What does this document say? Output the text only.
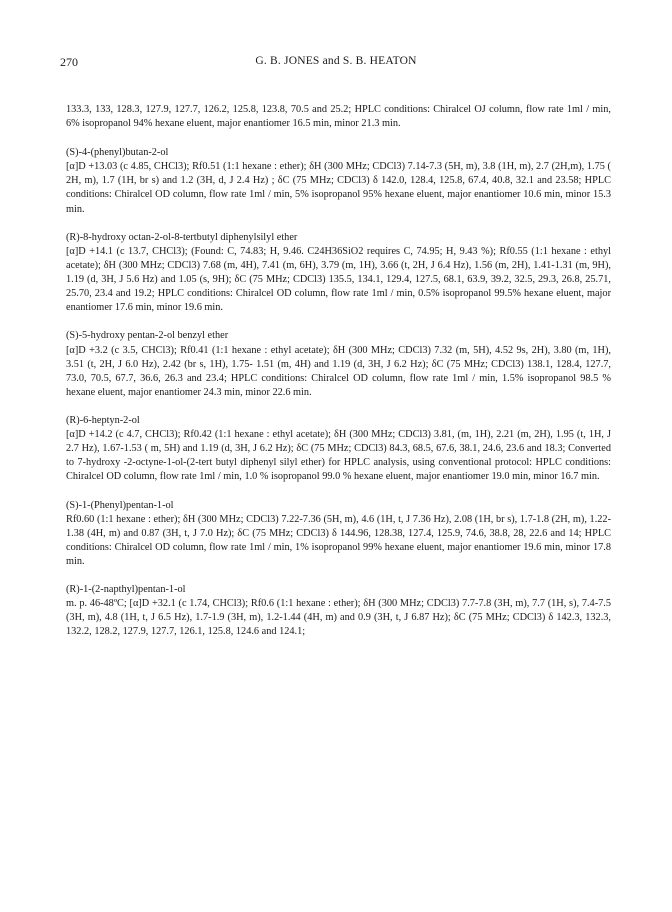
270	G. B. JONES and S. B. HEATON
133.3, 133, 128.3, 127.9, 127.7, 126.2, 125.8, 123.8, 70.5 and 25.2; HPLC conditions: Chiralcel OJ column, flow rate 1ml / min, 6% isopropanol 94% hexane eluent, major enantiomer 16.5 min, minor 21.3 min.
(S)-4-(phenyl)butan-2-ol
[α]D +13.03 (c 4.85, CHCl3); Rf0.51 (1:1 hexane : ether); δH (300 MHz; CDCl3) 7.14-7.3 (5H, m), 3.8 (1H, m), 2.7 (2H,m), 1.75 ( 2H, m), 1.7 (1H, br s) and 1.2 (3H, d, J 2.4 Hz) ; δC (75 MHz; CDCl3) δ 142.0, 128.4, 125.8, 67.4, 40.8, 32.1 and 23.58; HPLC conditions: Chiralcel OD column, flow rate 1ml / min, 5% isopropanol 95% hexane eluent, major enantiomer 10.6 min, minor 15.3 min.
(R)-8-hydroxy octan-2-ol-8-tertbutyl diphenylsilyl ether
[α]D +14.1 (c 13.7, CHCl3); (Found: C, 74.83; H, 9.46. C24H36SiO2 requires C, 74.95; H, 9.43 %); Rf0.55 (1:1 hexane : ethyl acetate); δH (300 MHz; CDCl3) 7.68 (m, 4H), 7.41 (m, 6H), 3.79 (m, 1H), 3.66 (t, 2H, J 6.4 Hz), 1.56 (m, 2H), 1.41-1.31 (m, 9H), 1.19 (d, 3H, J 5.6 Hz) and 1.05 (s, 9H); δC (75 MHz; CDCl3) 135.5, 134.1, 129.4, 127.5, 68.1, 63.9, 39.2, 32.5, 29.3, 26.8, 25.71, 25.70, 23.4 and 19.2; HPLC conditions: Chiralcel OD column, flow rate 1ml / min, 0.5% isopropanol 99.5% hexane eluent, major enantiomer 17.6 min, minor 19.6 min.
(S)-5-hydroxy pentan-2-ol benzyl ether
[α]D +3.2 (c 3.5, CHCl3); Rf0.41 (1:1 hexane : ethyl acetate); δH (300 MHz; CDCl3) 7.32 (m, 5H), 4.52 9s, 2H), 3.80 (m, 1H), 3.51 (t, 2H, J 6.0 Hz), 2.42 (br s, 1H), 1.75- 1.51 (m, 4H) and 1.19 (d, 3H, J 6.2 Hz); δC (75 MHz; CDCl3) 138.1, 128.4, 127.7, 73.0, 70.5, 67.7, 36.6, 26.3 and 23.4; HPLC conditions: Chiralcel OD column, flow rate 1ml / min, 1.5% isopropanol 98.5 % hexane eluent, major enantiomer 24.3 min, minor 22.6 min.
(R)-6-heptyn-2-ol
[α]D +14.2 (c 4.7, CHCl3); Rf0.42 (1:1 hexane : ethyl acetate); δH (300 MHz; CDCl3) 3.81, (m, 1H), 2.21 (m, 2H), 1.95 (t, 1H, J 2.7 Hz), 1.67-1.53 ( m, 5H) and 1.19 (d, 3H, J 6.2 Hz); δC (75 MHz; CDCl3) 84.3, 68.5, 67.6, 38.1, 24.6, 23.6 and 18.3; Converted to 7-hydroxy -2-octyne-1-ol-(2-tert butyl diphenyl silyl ether) for HPLC analysis, using conventional protocol: HPLC conditions: Chiralcel OD column, flow rate 1ml / min, 1.0 % isopropanol 99.0 % hexane eluent, major enantiomer 19.0 min, minor 16.7 min.
(S)-1-(Phenyl)pentan-1-ol
Rf0.60 (1:1 hexane : ether); δH (300 MHz; CDCl3) 7.22-7.36 (5H, m), 4.6 (1H, t, J 7.36 Hz), 2.08 (1H, br s), 1.7-1.8 (2H, m), 1.22-1.38 (4H, m) and 0.87 (3H, t, J 7.0 Hz); δC (75 MHz; CDCl3) δ 144.96, 128.38, 127.4, 125.9, 74.6, 38.8, 28, 22.6 and 14; HPLC conditions: Chiralcel OD column, flow rate 1ml / min, 1% isopropanol 99% hexane eluent, major enantiomer 19.6 min, minor 17.8 min.
(R)-1-(2-napthyl)pentan-1-ol
m. p. 46-48ºC; [α]D +32.1 (c 1.74, CHCl3); Rf0.6 (1:1 hexane : ether); δH (300 MHz; CDCl3) 7.7-7.8 (3H, m), 7.7 (1H, s), 7.4-7.5 (3H, m), 4.8 (1H, t, J 6.5 Hz), 1.7-1.9 (3H, m), 1.2-1.44 (4H, m) and 0.9 (3H, t, J 6.87 Hz); δC (75 MHz; CDCl3) δ 142.3, 132.3, 132.2, 128.2, 127.9, 127.7, 126.1, 125.8, 124.6 and 124.1;
